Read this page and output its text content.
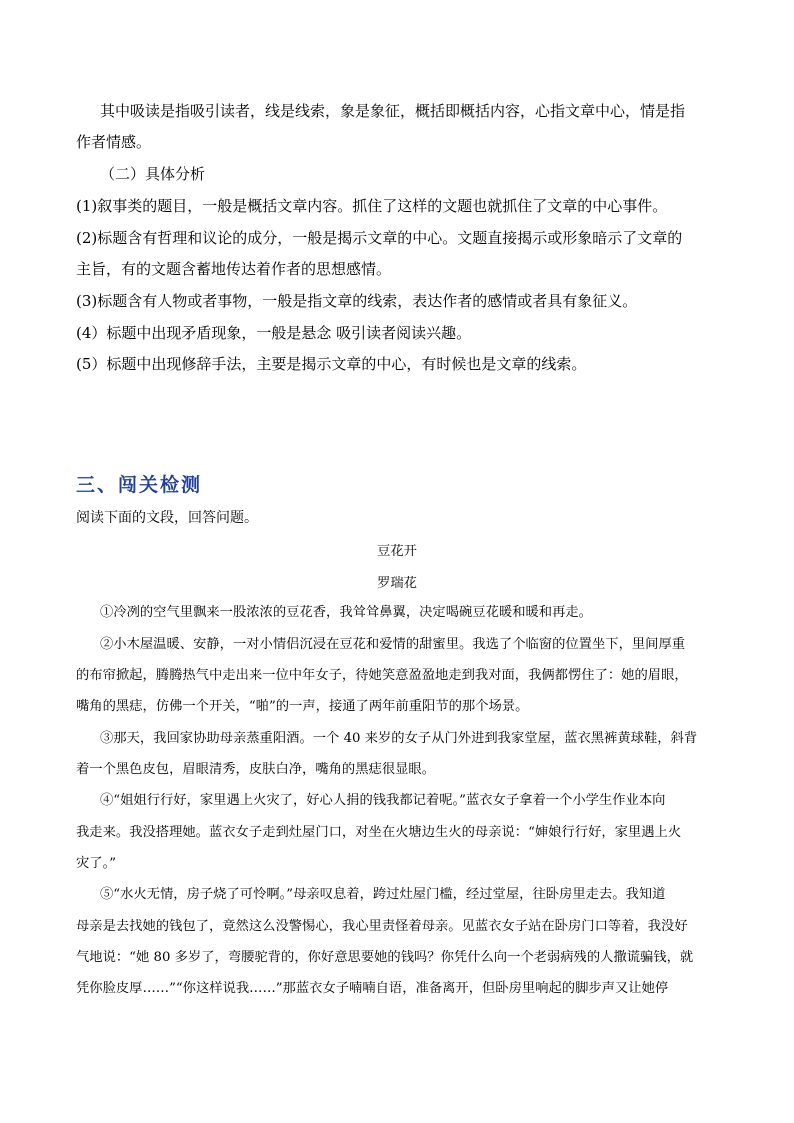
其中吸读是指吸引读者，线是线索，象是象征，概括即概括内容，心指文章中心，情是指
作者情感。
（二）具体分析
(1)叙事类的题目，一般是概括文章内容。抓住了这样的文题也就抓住了文章的中心事件。
(2)标题含有哲理和议论的成分，一般是揭示文章的中心。文题直接揭示或形象暗示了文章的
主旨，有的文题含蓄地传达着作者的思想感情。
(3)标题含有人物或者事物，一般是指文章的线索，表达作者的感情或者具有象征义。
(4）标题中出现矛盾现象，一般是悬念 吸引读者阅读兴趣。
(5）标题中出现修辞手法，主要是揭示文章的中心，有时候也是文章的线索。
三、闯关检测
阅读下面的文段，回答问题。
豆花开
罗瑞花
①冷冽的空气里飘来一股浓浓的豆花香，我耸耸鼻翼，决定喝碗豆花暖和暖和再走。
②小木屋温暖、安静，一对小情侣沉浸在豆花和爱情的甜蜜里。我选了个临窗的位置坐下，里间厚重
的布帘掀起，腾腾热气中走出来一位中年女子，待她笑意盈盈地走到我对面，我俩都愣住了：她的眉眼，
嘴角的黑痣，仿佛一个开关，“啪”的一声，接通了两年前重阳节的那个场景。
③那天，我回家协助母亲蒸重阳酒。一个 40 来岁的女子从门外进到我家堂屋，蓝衣黑裤黄球鞋，斜背
着一个黑色皮包，眉眼清秀，皮肤白净，嘴角的黑痣很显眼。
④“姐姐行行好，家里遇上火灾了，好心人捐的钱我都记着呢。”蓝衣女子拿着一个小学生作业本向
我走来。我没搭理她。蓝衣女子走到灶屋门口，对坐在火塘边生火的母亲说：“婶娘行行好，家里遇上火
灾了。”
⑤“水火无情，房子烧了可怜啊。”母亲叹息着，跨过灶屋门槛，经过堂屋，往卧房里走去。我知道
母亲是去找她的钱包了，竟然这么没警惕心，我心里责怪着母亲。见蓝衣女子站在卧房门口等着，我没好
气地说：“她 80 多岁了，弯腰驼背的，你好意思要她的钱吗？你凭什么向一个老弱病残的人撒谎骗钱，就
凭你脸皮厚……”“你这样说我……”那蓝衣女子喃喃自语，准备离开，但卧房里响起的脚步声又让她停
